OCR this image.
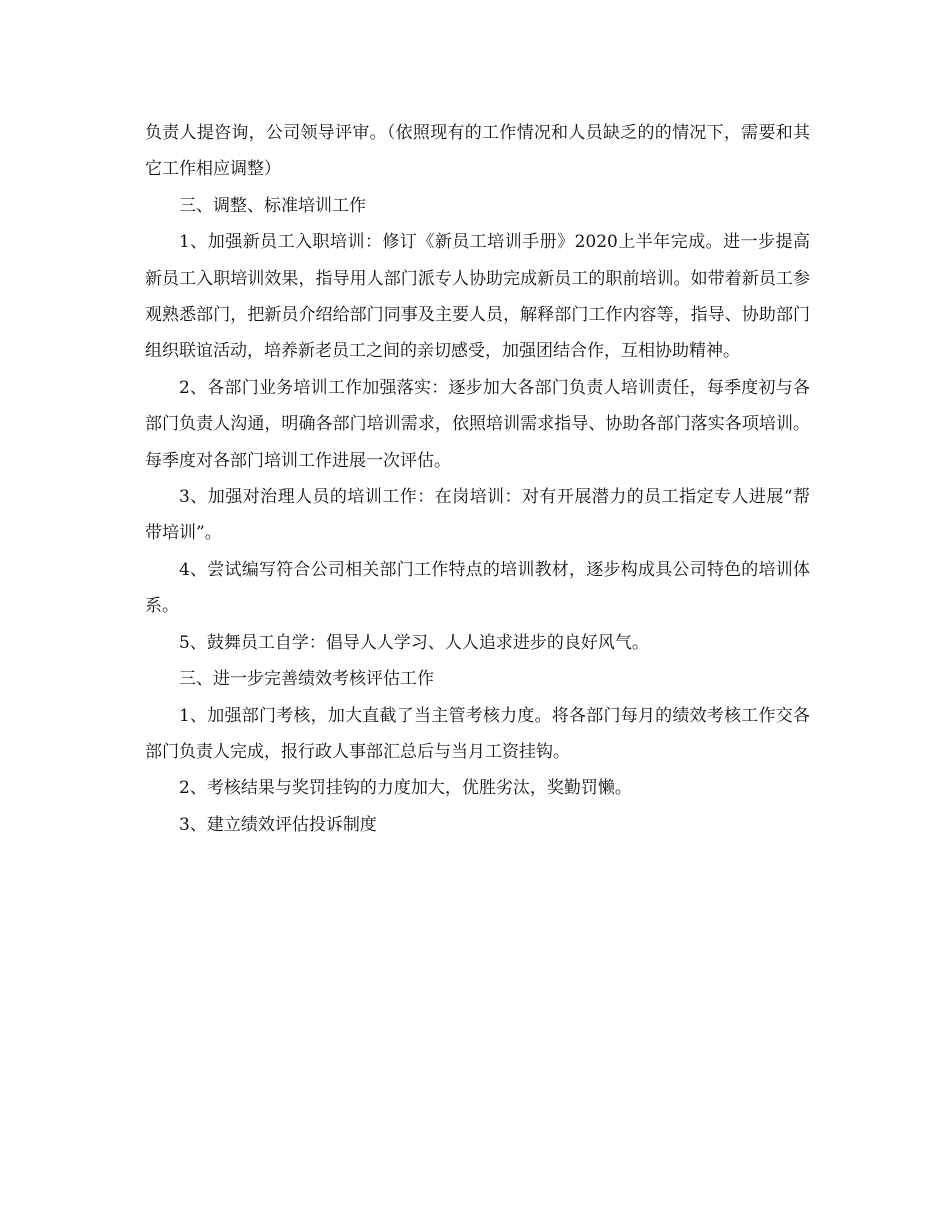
负责人提咨询，公司领导评审。（依照现有的工作情况和人员缺乏的的情况下，需要和其它工作相应调整）

三、调整、标准培训工作

1、加强新员工入职培训：修订《新员工培训手册》2020上半年完成。进一步提高新员工入职培训效果，指导用人部门派专人协助完成新员工的职前培训。如带着新员工参观熟悉部门，把新员介绍给部门同事及主要人员，解释部门工作内容等，指导、协助部门组织联谊活动，培养新老员工之间的亲切感受，加强团结合作，互相协助精神。

2、各部门业务培训工作加强落实：逐步加大各部门负责人培训责任，每季度初与各部门负责人沟通，明确各部门培训需求，依照培训需求指导、协助各部门落实各项培训。每季度对各部门培训工作进展一次评估。

3、加强对治理人员的培训工作：在岗培训：对有开展潜力的员工指定专人进展“帮带培训”。

4、尝试编写符合公司相关部门工作特点的培训教材，逐步构成具公司特色的培训体系。

5、鼓舞员工自学：倡导人人学习、人人追求进步的良好风气。

三、进一步完善绩效考核评估工作

1、加强部门考核，加大直截了当主管考核力度。将各部门每月的绩效考核工作交各部门负责人完成，报行政人事部汇总后与当月工资挂钩。

2、考核结果与奖罚挂钩的力度加大，优胜劣汰，奖勤罚懒。

3、建立绩效评估投诉制度
